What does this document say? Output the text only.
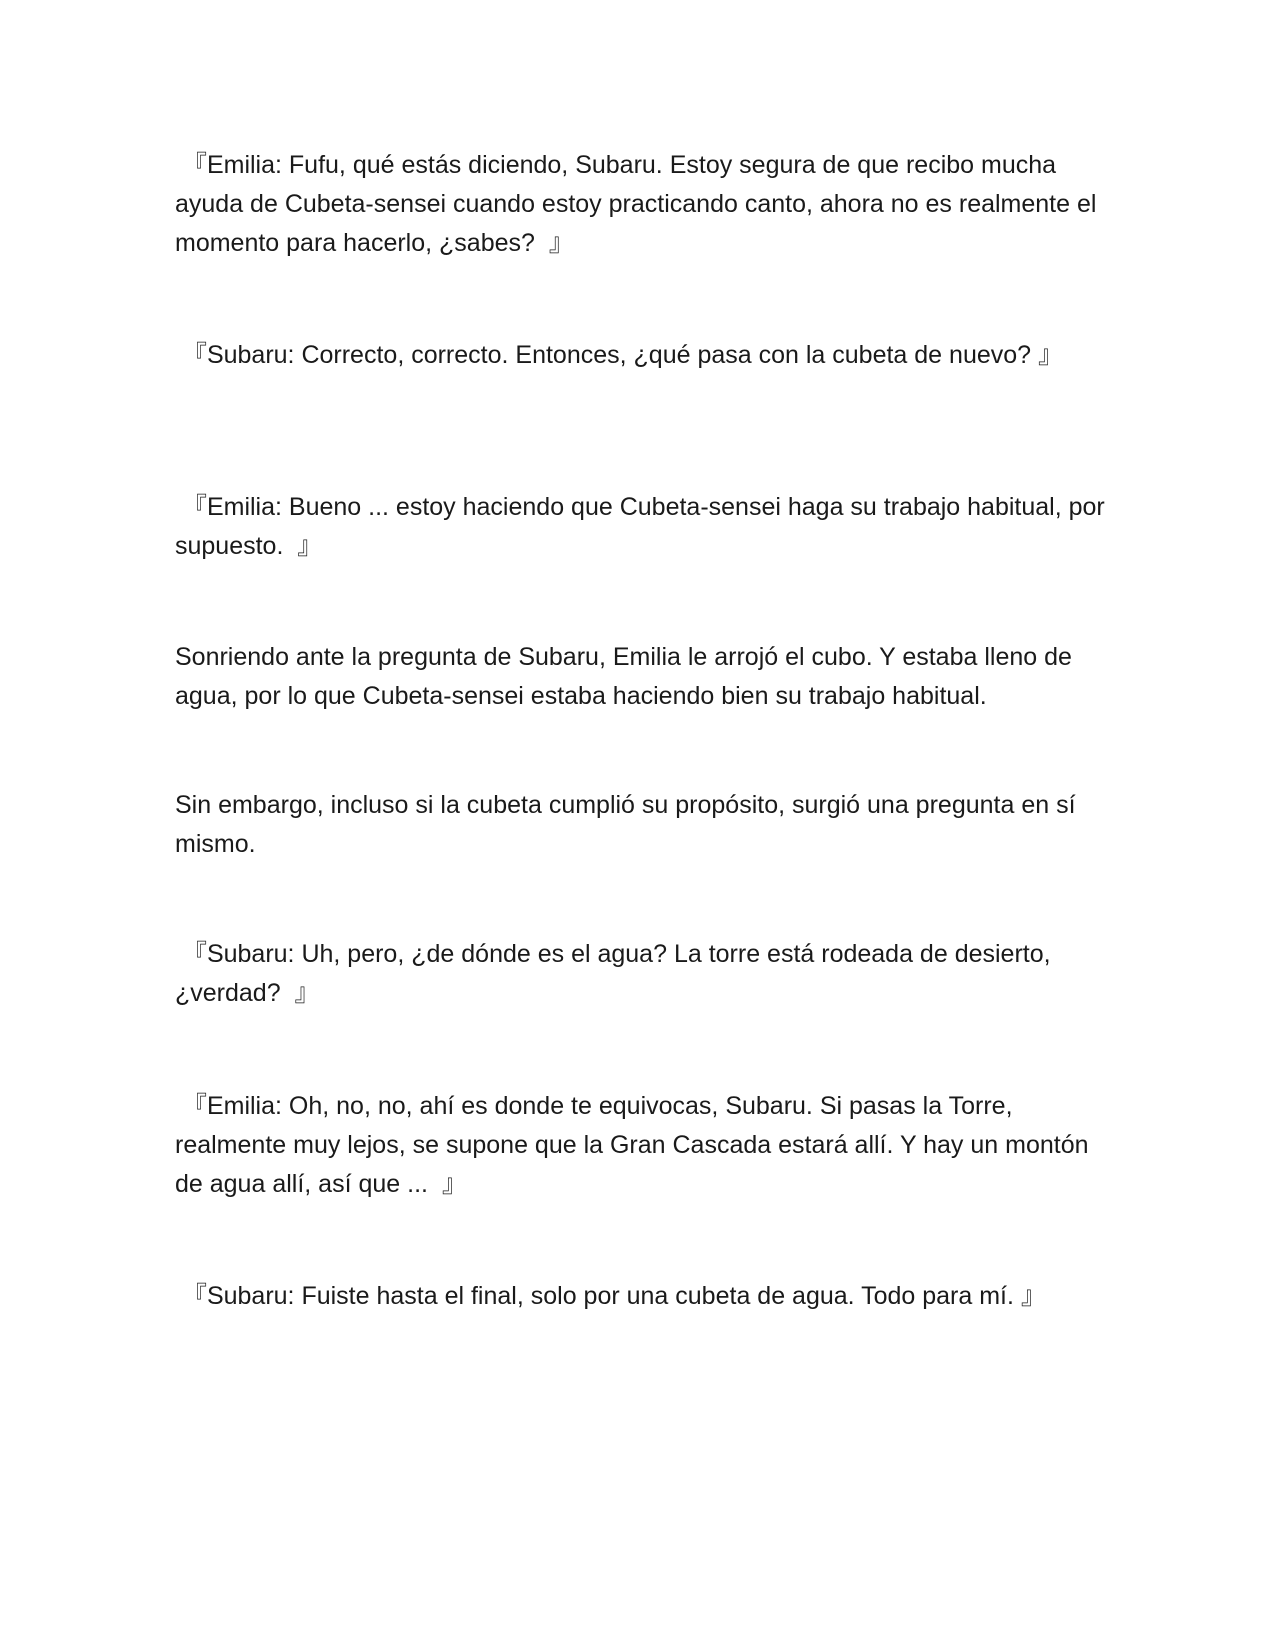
『Emilia: Fufu, qué estás diciendo, Subaru. Estoy segura de que recibo mucha ayuda de Cubeta-sensei cuando estoy practicando canto, ahora no es realmente el momento para hacerlo, ¿sabes?  』

『Subaru: Correcto, correcto. Entonces, ¿qué pasa con la cubeta de nuevo? 』

『Emilia: Bueno ... estoy haciendo que Cubeta-sensei haga su trabajo habitual, por supuesto.  』

Sonriendo ante la pregunta de Subaru, Emilia le arrojó el cubo. Y estaba lleno de agua, por lo que Cubeta-sensei estaba haciendo bien su trabajo habitual.

Sin embargo, incluso si la cubeta cumplió su propósito, surgió una pregunta en sí mismo.

『Subaru: Uh, pero, ¿de dónde es el agua? La torre está rodeada de desierto, ¿verdad?  』

『Emilia: Oh, no, no, ahí es donde te equivocas, Subaru. Si pasas la Torre, realmente muy lejos, se supone que la Gran Cascada estará allí. Y hay un montón de agua allí, así que ...  』

『Subaru: Fuiste hasta el final, solo por una cubeta de agua. Todo para mí. 』
